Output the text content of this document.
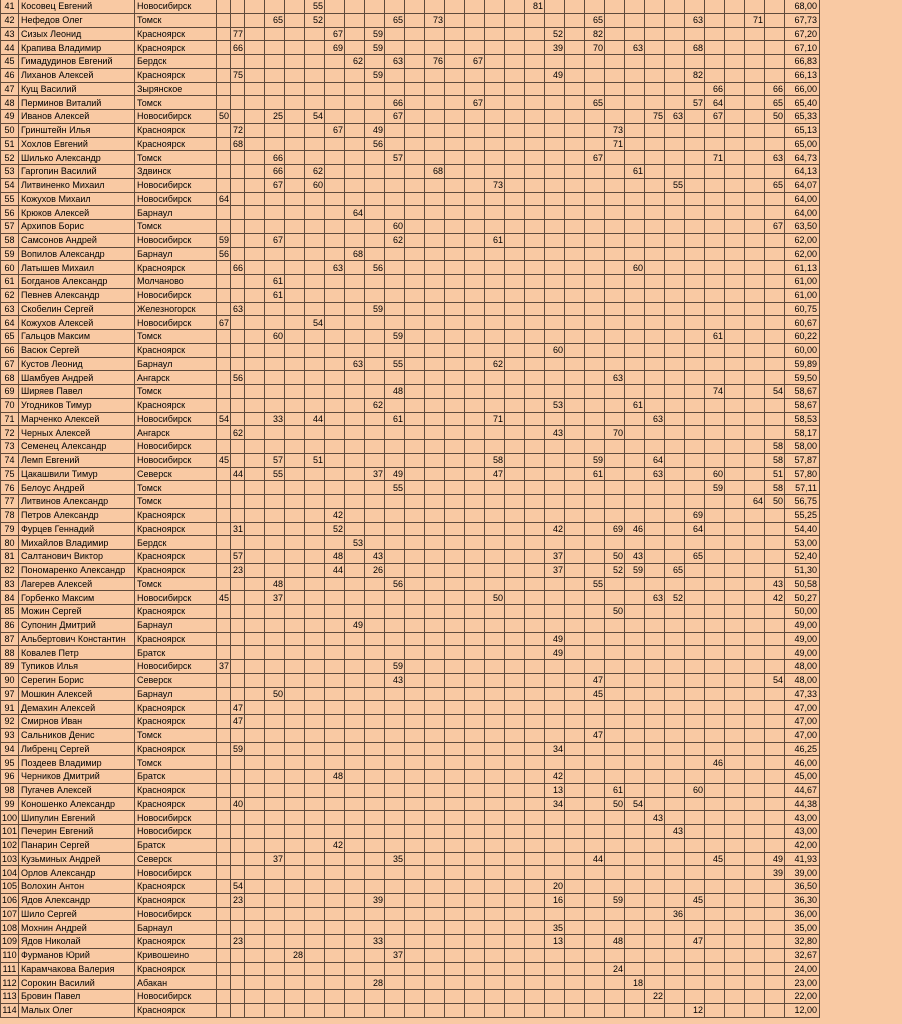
41	Косовец Евгений	Новосибирск						55											81													68,00
42	Нефедов Олег	Томск				65		52				65		73								65					63			71		67,73
43	Сизых Леонид	Красноярск		77					67		59									52		82										67,20
44	Крапива Владимир	Красноярск		66					69		59									39		70		63			68					67,10
45	Гимадудинов Евгений	Бердск								62		63		76		67																66,83
46	Лиханов Алексей	Красноярск		75							59									49							82					66,13
47	Кущ Василий	Зырянское																										66			66	66,00
48	Перминов Виталий	Томск										66				67						65					57	64			65	65,40
49	Иванов Алексей	Новосибирск	50			25		54				67													75	63		67			50	65,33
50	Гринштейн Илья	Красноярск		72					67		49												73									65,13
51	Хохлов Евгений	Красноярск		68							56												71									65,00
52	Шилько Александр	Томск				66						57										67						71			63	64,73
53	Гаргопин Василий	Здвинск				66		62						68										61								64,13
54	Литвиненко Михаил	Новосибирск				67		60									73									55					65	64,07
55	Кожухов Михаил	Новосибирск	64																													64,00
56	Крюков Алексей	Барнаул								64																						64,00
57	Архипов Борис	Томск										60																			67	63,50
58	Самсонов Андрей	Новосибирск	59			67						62					61															62,00
59	Вопилов Александр	Барнаул	56							68																						62,00
60	Латышев Михаил	Красноярск		66					63		56													60								61,13
61	Богданов Александр	Молчаново				61																										61,00
62	Певнев Александр	Новосибирск				61																										61,00
63	Скобелин Сергей	Железногорск		63							59																					60,75
64	Кожухов Алексей	Новосибирск	67					54																								60,67
65	Гальцов Максим	Томск				60						59																61				60,22
66	Васюк Сергей	Красноярск																		60												60,00
67	Кустов Леонид	Барнаул								63		55					62															59,89
68	Шамбуев Андрей	Ангарск		56																			63									59,50
69	Ширяев Павел	Томск										48																74			54	58,67
70	Угодников Тимур	Красноярск									62									53				61								58,67
71	Марченко Алексей	Новосибирск	54			33		44				61					71								63							58,53
72	Черных Алексей	Ангарск		62																43			70									58,17
73	Семенец Александр	Новосибирск																													58	58,00
74	Лемп Евгений	Новосибирск	45			57		51									58					59			64						58	57,87
75	Цакашвили Тимур	Северск		44		55					37	49					47					61			63			60			51	57,80
76	Белоус Андрей	Томск										55																59			58	57,11
77	Литвинов Александр	Томск																												64	50	56,75
78	Петров Александр	Красноярск							42																		69					55,25
79	Фурцев Геннадий	Красноярск		31					52											42			69	46			64					54,40
80	Михайлов Владимир	Бердск								53																						53,00
81	Салтанович Виктор	Красноярск		57					48		43									37			50	43			65					52,40
82	Пономаренко Александр	Красноярск		23					44		26									37			52	59		65						51,30
83	Лагерев Алексей	Томск				48						56										55									43	50,58
84	Горбенко Максим	Новосибирск	45			37											50								63	52					42	50,27
85	Можин Сергей	Красноярск																					50									50,00
86	Супонин Дмитрий	Барнаул								49																						49,00
87	Альбертович Константин	Красноярск																		49												49,00
88	Ковалев Петр	Братск																		49												49,00
89	Тупиков Илья	Новосибирск	37									59																				48,00
90	Серегин Борис	Северск										43										47									54	48,00
97	Мошкин Алексей	Барнаул				50																45										47,33
91	Демахин Алексей	Красноярск		47																												47,00
92	Смирнов Иван	Красноярск		47																												47,00
93	Сальников Денис	Томск																				47										47,00
94	Либренц Сергей	Красноярск		59																34												46,25
95	Поздеев Владимир	Томск																										46				46,00
96	Черников Дмитрий	Братск							48											42												45,00
98	Пугачев Алексей	Красноярск																		13			61				60					44,67
99	Коношенко Александр	Красноярск		40																34			50	54								44,38
100	Шипулин Евгений	Новосибирск																							43							43,00
101	Печерин Евгений	Новосибирск																								43						43,00
102	Панарин Сергей	Братск							42																							42,00
103	Кузьминых Андрей	Северск				37						35										44						45			49	41,93
104	Орлов Александр	Новосибирск																													39	39,00
105	Волохин Антон	Красноярск		54																20												36,50
106	Ядов Александр	Красноярск		23							39									16			59				45					36,30
107	Шило Сергей	Новосибирск																								36						36,00
108	Мохнин Андрей	Барнаул																		35												35,00
109	Ядов Николай	Красноярск		23							33									13			48				47					32,80
110	Фурманов Юрий	Кривошеино					28					37																				32,67
111	Карамчакова Валерия	Красноярск																					24									24,00
112	Сорокин Василий	Абакан									28													18								23,00
113	Бровин Павел	Новосибирск																							22							22,00
114	Малых Олег	Красноярск																									12					12,00
